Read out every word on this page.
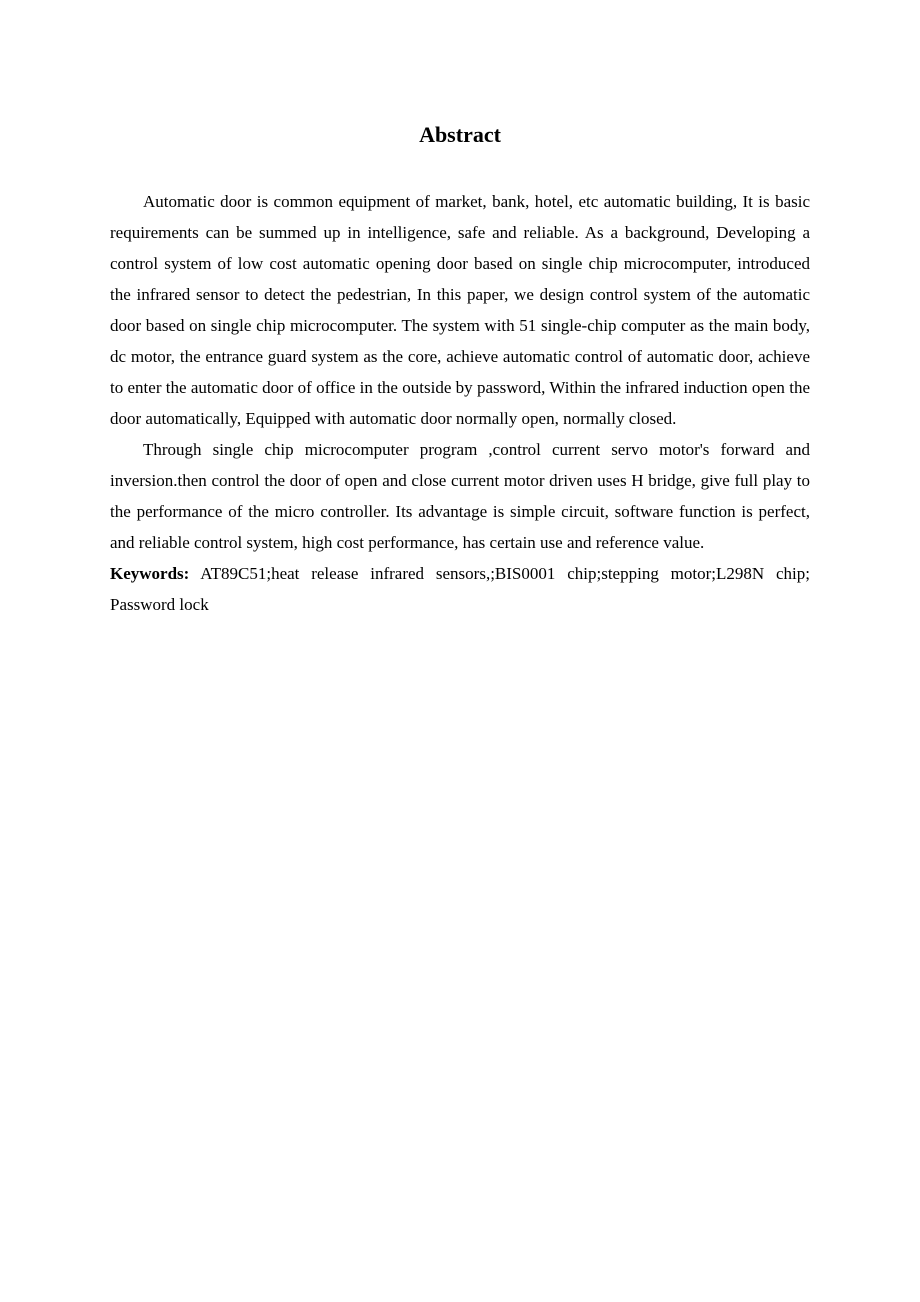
Abstract

Automatic door is common equipment of market, bank, hotel, etc automatic building, It is basic requirements can be summed up in intelligence, safe and reliable. As a background, Developing a control system of low cost automatic opening door based on single chip microcomputer, introduced the infrared sensor to detect the pedestrian, In this paper, we design control system of the automatic door based on single chip microcomputer. The system with 51 single-chip computer as the main body, dc motor, the entrance guard system as the core, achieve automatic control of automatic door, achieve to enter the automatic door of office in the outside by password, Within the infrared induction open the door automatically, Equipped with automatic door normally open, normally closed.

Through single chip microcomputer program ,control current servo motor's forward and inversion.then control the door of open and close current motor driven uses H bridge, give full play to the performance of the micro controller. Its advantage is simple circuit, software function is perfect, and reliable control system, high cost performance, has certain use and reference value.

Keywords: AT89C51;heat release infrared sensors,;BIS0001 chip;stepping motor;L298N chip; Password lock
